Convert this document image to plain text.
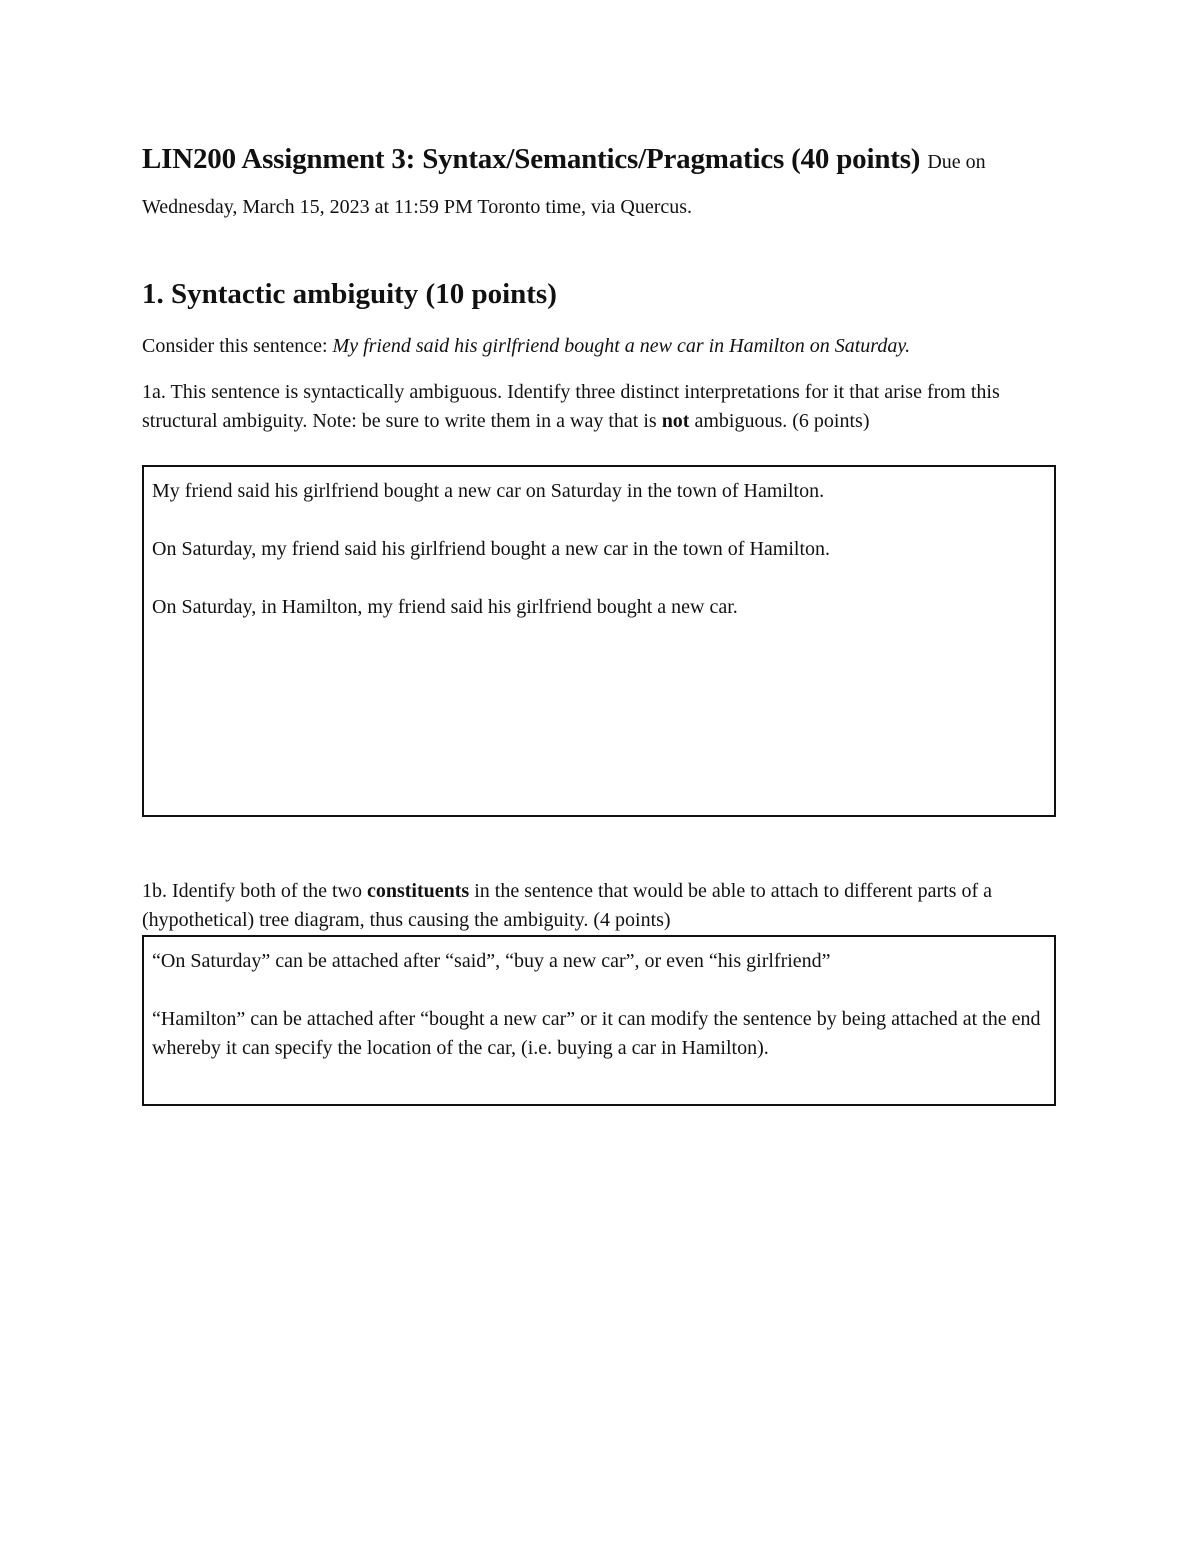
LIN200 Assignment 3: Syntax/Semantics/Pragmatics (40 points) Due on Wednesday, March 15, 2023 at 11:59 PM Toronto time, via Quercus.

1. Syntactic ambiguity (10 points)

Consider this sentence: My friend said his girlfriend bought a new car in Hamilton on Saturday.

1a. This sentence is syntactically ambiguous. Identify three distinct interpretations for it that arise from this structural ambiguity. Note: be sure to write them in a way that is not ambiguous. (6 points)

My friend said his girlfriend bought a new car on Saturday in the town of Hamilton.

On Saturday, my friend said his girlfriend bought a new car in the town of Hamilton.

On Saturday, in Hamilton, my friend said his girlfriend bought a new car.

1b. Identify both of the two constituents in the sentence that would be able to attach to different parts of a (hypothetical) tree diagram, thus causing the ambiguity. (4 points)

“On Saturday” can be attached after “said”, “buy a new car”, or even “his girlfriend”

“Hamilton” can be attached after “bought a new car” or it can modify the sentence by being attached at the end whereby it can specify the location of the car, (i.e. buying a car in Hamilton).
